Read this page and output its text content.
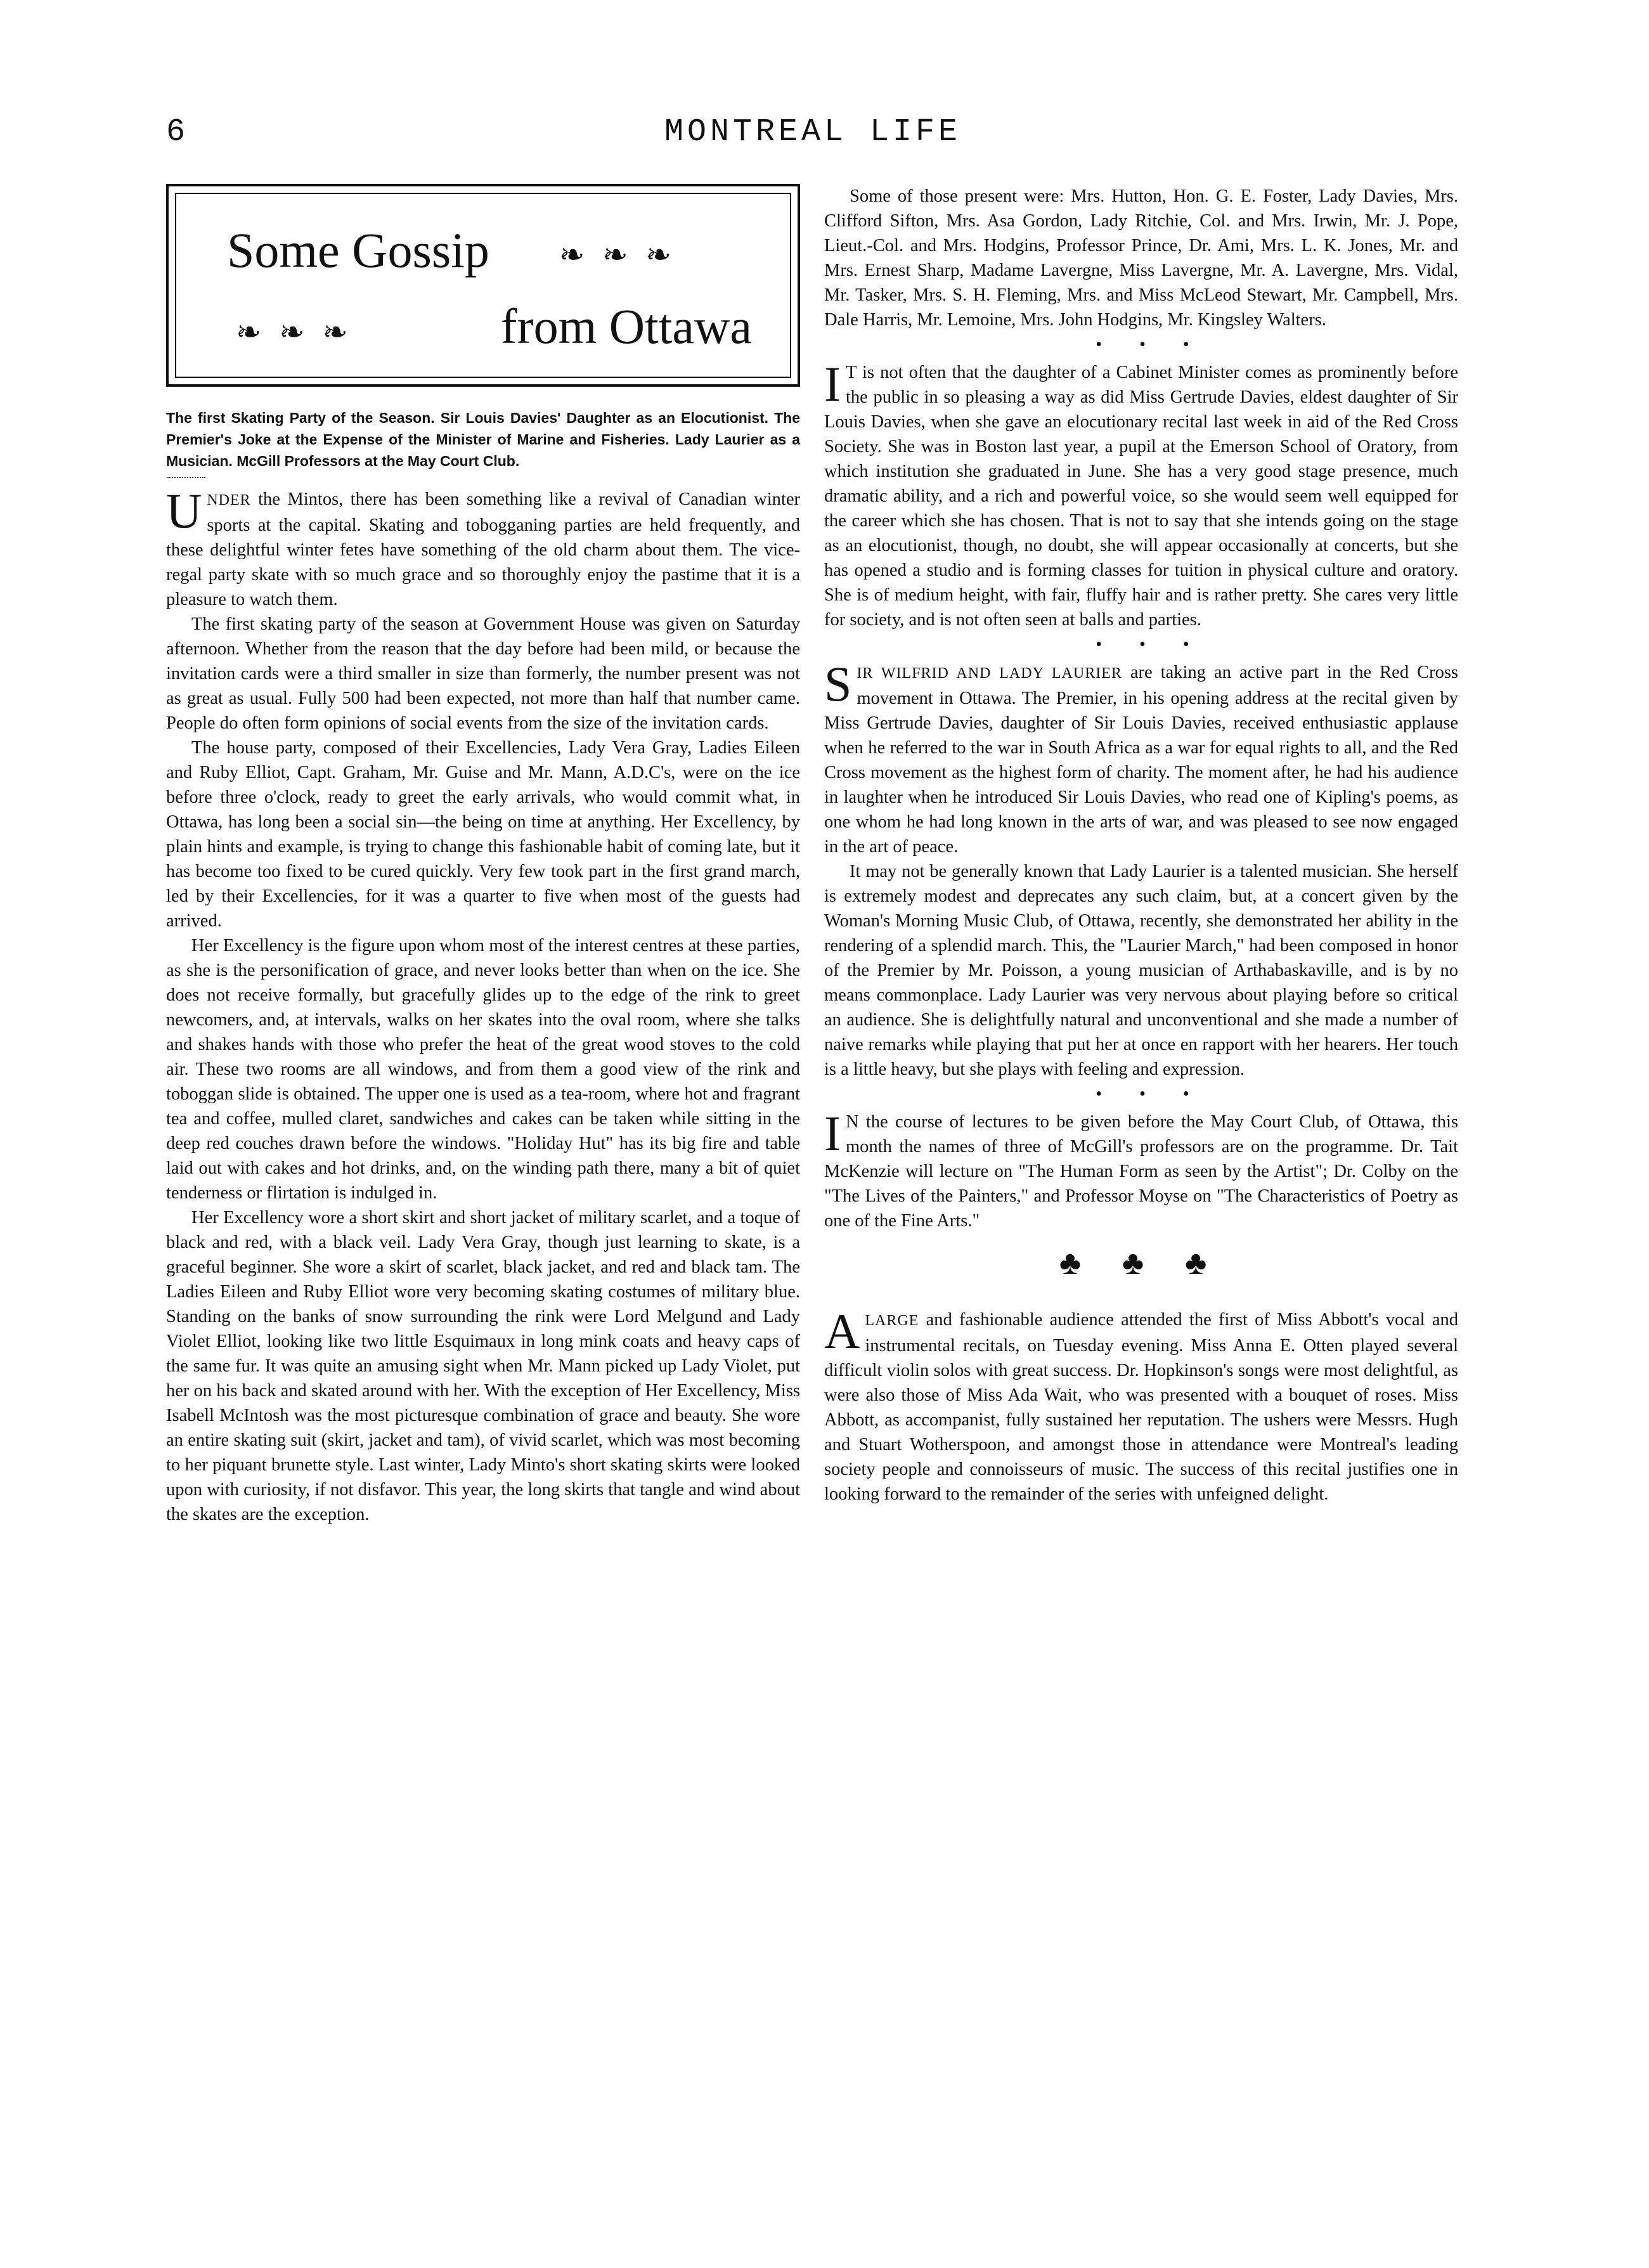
6	MONTREAL LIFE
Some Gossip ❧ ❧ ❧
❧ ❧ ❧	from Ottawa
The first Skating Party of the Season. Sir Louis Davies' Daughter as an Elocutionist. The Premier's Joke at the Expense of the Minister of Marine and Fisheries. Lady Laurier as a Musician. McGill Professors at the May Court Club.

UNDER the Mintos, there has been something like a revival of Canadian winter sports at the capital. Skating and tobogganing parties are held frequently, and these delightful winter fetes have something of the old charm about them. The vice-regal party skate with so much grace and so thoroughly enjoy the pastime that it is a pleasure to watch them.

The first skating party of the season at Government House was given on Saturday afternoon. Whether from the reason that the day before had been mild, or because the invitation cards were a third smaller in size than formerly, the number present was not as great as usual. Fully 500 had been expected, not more than half that number came. People do often form opinions of social events from the size of the invitation cards.

The house party, composed of their Excellencies, Lady Vera Gray, Ladies Eileen and Ruby Elliot, Capt. Graham, Mr. Guise and Mr. Mann, A.D.C's, were on the ice before three o'clock, ready to greet the early arrivals, who would commit what, in Ottawa, has long been a social sin—the being on time at anything. Her Excellency, by plain hints and example, is trying to change this fashionable habit of coming late, but it has become too fixed to be cured quickly. Very few took part in the first grand march, led by their Excellencies, for it was a quarter to five when most of the guests had arrived.

Her Excellency is the figure upon whom most of the interest centres at these parties, as she is the personification of grace, and never looks better than when on the ice. She does not receive formally, but gracefully glides up to the edge of the rink to greet newcomers, and, at intervals, walks on her skates into the oval room, where she talks and shakes hands with those who prefer the heat of the great wood stoves to the cold air. These two rooms are all windows, and from them a good view of the rink and toboggan slide is obtained. The upper one is used as a tea-room, where hot and fragrant tea and coffee, mulled claret, sandwiches and cakes can be taken while sitting in the deep red couches drawn before the windows. "Holiday Hut" has its big fire and table laid out with cakes and hot drinks, and, on the winding path there, many a bit of quiet tenderness or flirtation is indulged in.

Her Excellency wore a short skirt and short jacket of military scarlet, and a toque of black and red, with a black veil. Lady Vera Gray, though just learning to skate, is a graceful beginner. She wore a skirt of scarlet, black jacket, and red and black tam. The Ladies Eileen and Ruby Elliot wore very becoming skating costumes of military blue. Standing on the banks of snow surrounding the rink were Lord Melgund and Lady Violet Elliot, looking like two little Esquimaux in long mink coats and heavy caps of the same fur. It was quite an amusing sight when Mr. Mann picked up Lady Violet, put her on his back and skated around with her. With the exception of Her Excellency, Miss Isabell McIntosh was the most picturesque combination of grace and beauty. She wore an entire skating suit (skirt, jacket and tam), of vivid scarlet, which was most becoming to her piquant brunette style. Last winter, Lady Minto's short skating skirts were looked upon with curiosity, if not disfavor. This year, the long skirts that tangle and wind about the skates are the exception.

Some of those present were: Mrs. Hutton, Hon. G. E. Foster, Lady Davies, Mrs. Clifford Sifton, Mrs. Asa Gordon, Lady Ritchie, Col. and Mrs. Irwin, Mr. J. Pope, Lieut.-Col. and Mrs. Hodgins, Professor Prince, Dr. Ami, Mrs. L. K. Jones, Mr. and Mrs. Ernest Sharp, Madame Lavergne, Miss Lavergne, Mr. A. Lavergne, Mrs. Vidal, Mr. Tasker, Mrs. S. H. Fleming, Mrs. and Miss McLeod Stewart, Mr. Campbell, Mrs. Dale Harris, Mr. Lemoine, Mrs. John Hodgins, Mr. Kingsley Walters.

• • •

I T is not often that the daughter of a Cabinet Minister comes as prominently before the public in so pleasing a way as did Miss Gertrude Davies, eldest daughter of Sir Louis Davies, when she gave an elocutionary recital last week in aid of the Red Cross Society. She was in Boston last year, a pupil at the Emerson School of Oratory, from which institution she graduated in June. She has a very good stage presence, much dramatic ability, and a rich and powerful voice, so she would seem well equipped for the career which she has chosen. That is not to say that she intends going on the stage as an elocutionist, though, no doubt, she will appear occasionally at concerts, but she has opened a studio and is forming classes for tuition in physical culture and oratory. She is of medium height, with fair, fluffy hair and is rather pretty. She cares very little for society, and is not often seen at balls and parties.

• • •

SIR WILFRID AND LADY LAURIER are taking an active part in the Red Cross movement in Ottawa. The Premier, in his opening address at the recital given by Miss Gertrude Davies, daughter of Sir Louis Davies, received enthusiastic applause when he referred to the war in South Africa as a war for equal rights to all, and the Red Cross movement as the highest form of charity. The moment after, he had his audience in laughter when he introduced Sir Louis Davies, who read one of Kipling's poems, as one whom he had long known in the arts of war, and was pleased to see now engaged in the art of peace.

It may not be generally known that Lady Laurier is a talented musician. She herself is extremely modest and deprecates any such claim, but, at a concert given by the Woman's Morning Music Club, of Ottawa, recently, she demonstrated her ability in the rendering of a splendid march. This, the "Laurier March," had been composed in honor of the Premier by Mr. Poisson, a young musician of Arthabaskaville, and is by no means commonplace. Lady Laurier was very nervous about playing before so critical an audience. She is delightfully natural and unconventional and she made a number of naive remarks while playing that put her at once en rapport with her hearers. Her touch is a little heavy, but she plays with feeling and expression.

• • •

I N the course of lectures to be given before the May Court Club, of Ottawa, this month the names of three of McGill's professors are on the programme. Dr. Tait McKenzie will lecture on "The Human Form as seen by the Artist"; Dr. Colby on the "The Lives of the Painters," and Professor Moyse on "The Characteristics of Poetry as one of the Fine Arts."

♣ ♣ ♣

ALARGE and fashionable audience attended the first of Miss Abbott's vocal and instrumental recitals, on Tuesday evening. Miss Anna E. Otten played several difficult violin solos with great success. Dr. Hopkinson's songs were most delightful, as were also those of Miss Ada Wait, who was presented with a bouquet of roses. Miss Abbott, as accompanist, fully sustained her reputation. The ushers were Messrs. Hugh and Stuart Wotherspoon, and amongst those in attendance were Montreal's leading society people and connoisseurs of music. The success of this recital justifies one in looking forward to the remainder of the series with unfeigned delight.
